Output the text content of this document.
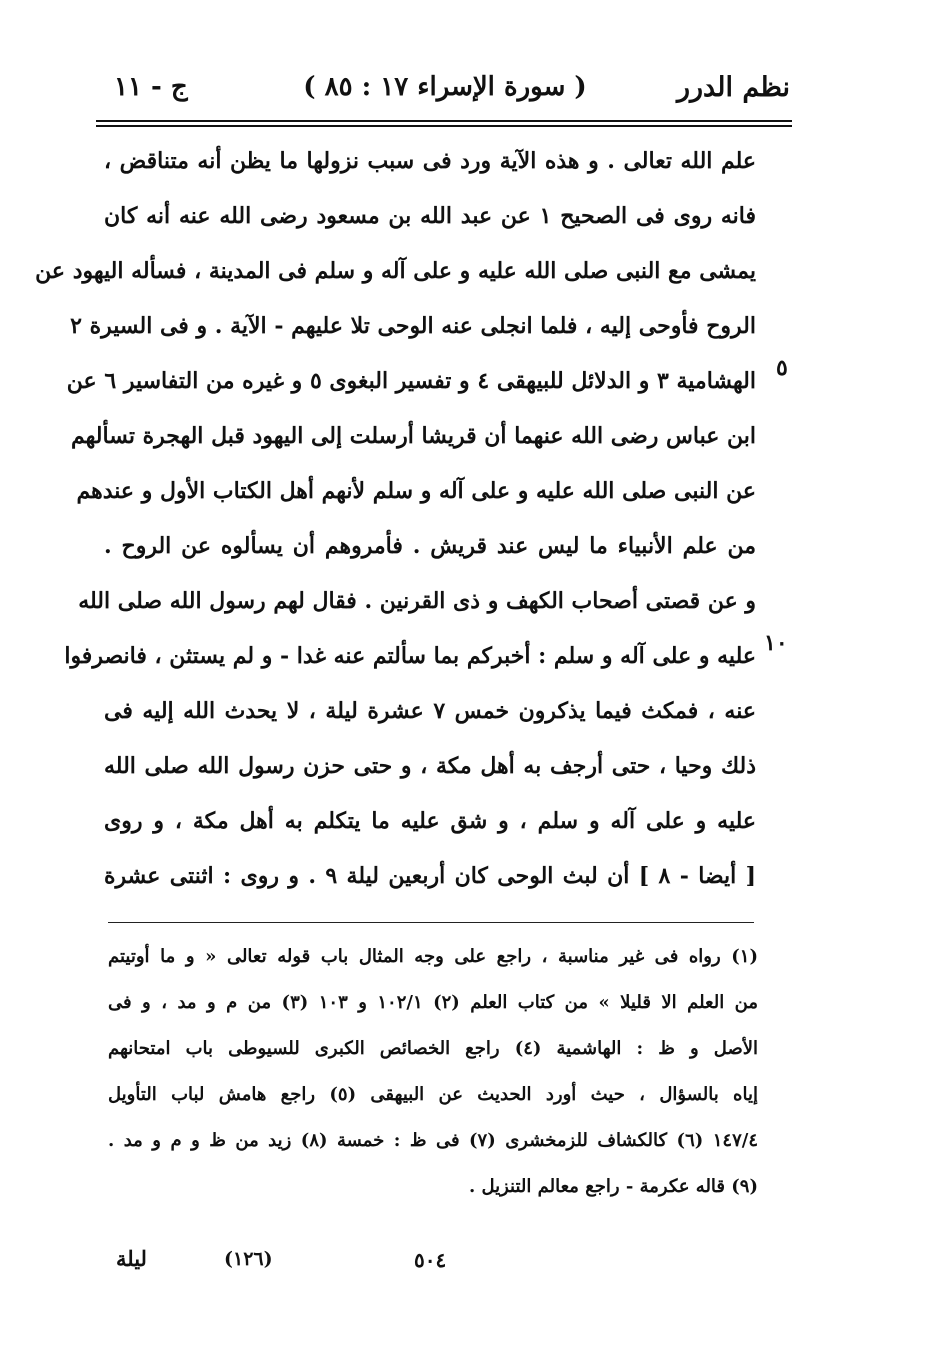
نظم الدرر
( سورة الإسراء ١٧ : ٨٥ )
ج - ١١
علم الله تعالى . و هذه الآية ورد فى سبب نزولها ما يظن أنه متناقض ،
فانه روى فى الصحيح ١ عن عبد الله بن مسعود رضى الله عنه أنه كان
يمشى مع النبى صلى الله عليه و على آله و سلم فى المدينة ، فسأله اليهود عن
الروح فأوحى إليه ، فلما انجلى عنه الوحى تلا عليهم - الآية . و فى السيرة ٢
الهشامية ٣ و الدلائل للبيهقى ٤ و تفسير البغوى ٥ و غيره من التفاسير ٦ عن
ابن عباس رضى الله عنهما أن قريشا أرسلت إلى اليهود قبل الهجرة تسألهم
عن النبى صلى الله عليه و على آله و سلم لأنهم أهل الكتاب الأول و عندهم
من علم الأنبياء ما ليس عند قريش . فأمروهم أن يسألوه عن الروح .
و عن قصتى أصحاب الكهف و ذى القرنين . فقال لهم رسول الله صلى الله
عليه و على آله و سلم : أخبركم بما سألتم عنه غدا - و لم يستثن ، فانصرفوا
عنه ، فمكث فيما يذكرون خمس ٧ عشرة ليلة ، لا يحدث الله إليه فى
ذلك وحيا ، حتى أرجف به أهل مكة ، و حتى حزن رسول الله صلى الله
عليه و على آله و سلم ، و شق عليه ما يتكلم به أهل مكة ، و روى
[ أيضا - ٨ ] أن لبث الوحى كان أربعين ليلة ٩ . و روى : اثنتى عشرة
٥
١٠
(١) رواه فى غير مناسبة ، راجع على وجه المثال باب قوله تعالى « و ما أوتيتم
من العلم الا قليلا » من كتاب العلم (٢) ١٠٢/١ و ١٠٣ (٣) من م و مد ، و فى
الأصل و ظ : الهاشمية (٤) راجع الخصائص الكبرى للسيوطى باب امتحانهم
إياه بالسؤال ، حيث أورد الحديث عن البيهقى (٥) راجع هامش لباب التأويل
١٤٧/٤ (٦) كالكشاف للزمخشرى (٧) فى ظ : خمسة (٨) زيد من ظ و م و مد .
(٩) قاله عكرمة - راجع معالم التنزيل .
٥٠٤
(١٢٦)
ليلة
